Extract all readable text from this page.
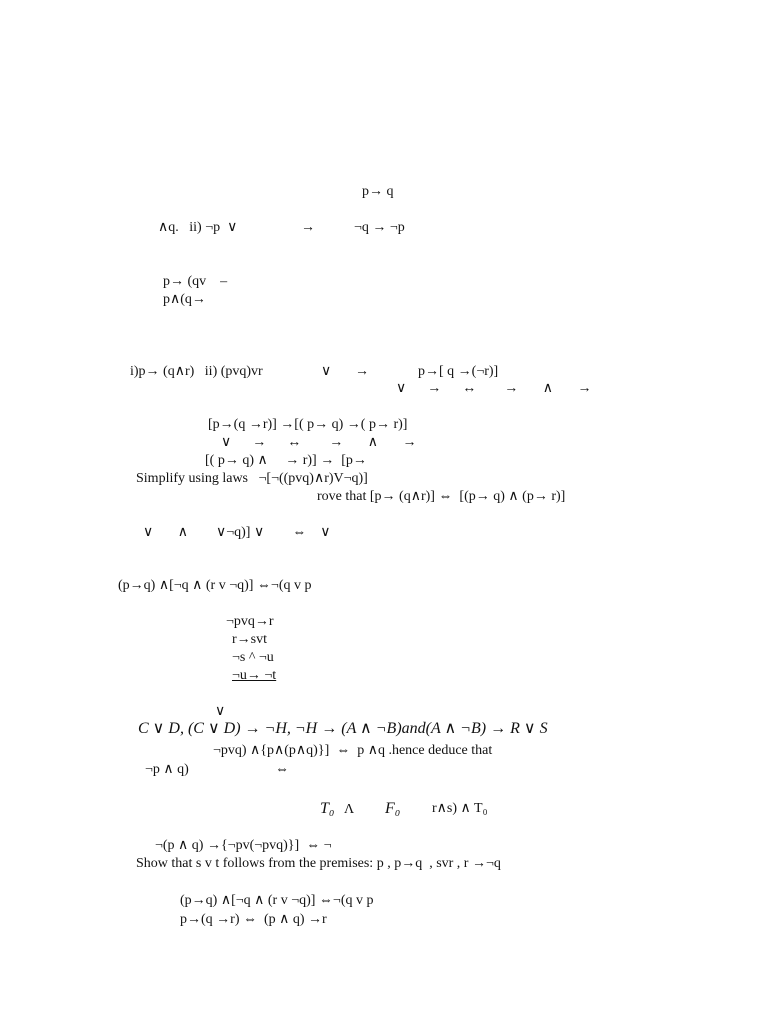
p→ q
∧q.   ii) ¬p  ∨	→	¬q → ¬p
p→ (qv    –
p∧(q→
i)p→ (q∧r)   ii) (pvq)vr	∨ →	p→[ q →(¬r)]
∨      →      ↔        →       ∧       →
[p→(q →r)] →[( p→ q) →( p→ r)]
∨      →      ↔        →       ∧       →
[( p→ q) ∧     → r)] →  [p→
Simplify using laws   ¬[¬((pvq)∧r)V¬q)]
rove that [p→ (q∧r)] ⇔  [(p→ q) ∧ (p→ r)]
∨       ∧        ∨¬q)] ∨        ⇔    ∨
(p→q) ∧[¬q ∧ (r v ¬q)] ⇔¬(q v p
¬pvq→r
r→svt
¬s ^ ¬u
¬u→ ¬t
∨
C ∨ D, (C ∨ D) → ¬H, ¬H → (A ∧ ¬B)and(A ∧ ¬B) → R ∨ S
¬pvq) ∧{p∧(p∧q)}]  ⇔  p ∧q .hence deduce that
¬p ∧ q)	⇔
T₀ Λ F₀ r∧s) ∧ T₀
¬(p ∧ q) →{¬pv(¬pvq)}]  ⇔ ¬
Show that s v t follows from the premises: p , p→q  , svr , r →¬q
(p→q) ∧[¬q ∧ (r v ¬q)] ⇔¬(q v p
p→(q →r) ⇔  (p ∧ q) →r
